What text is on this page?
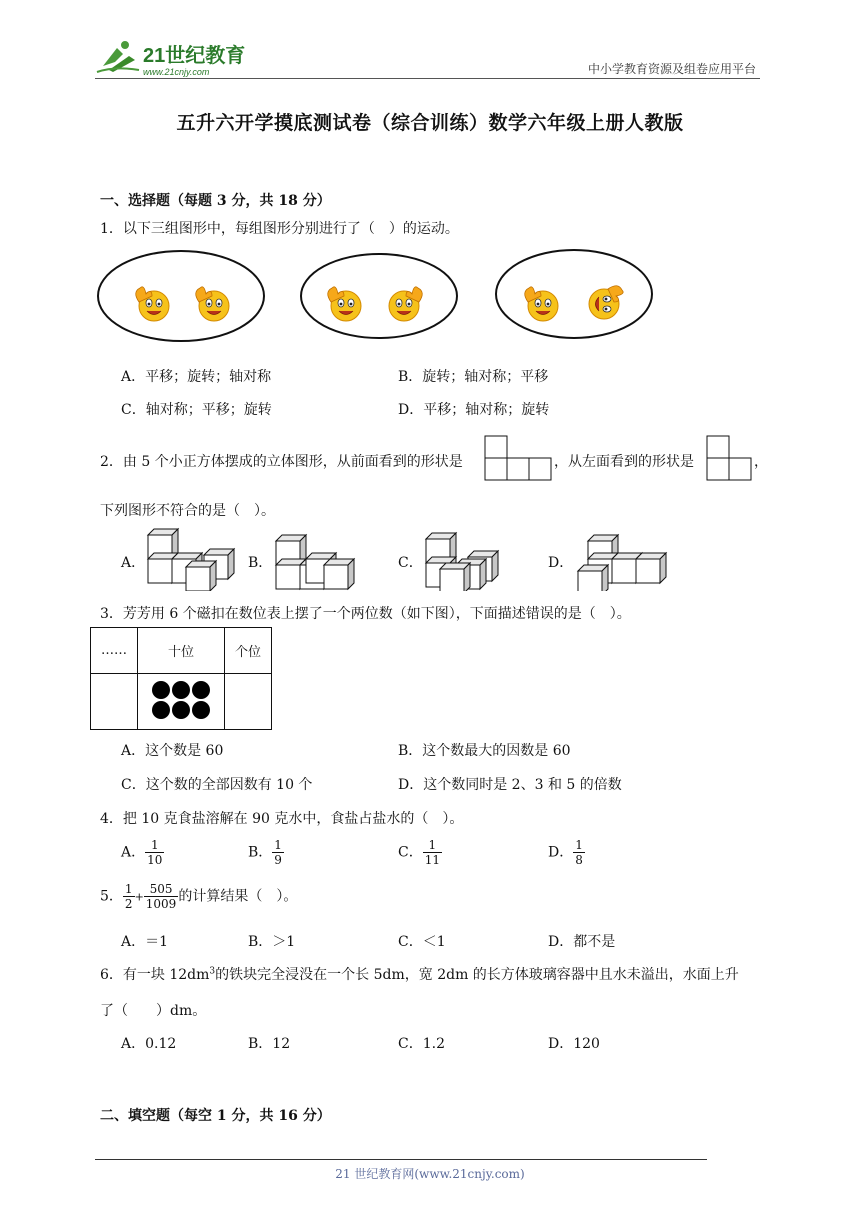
21世纪教育
www.21cnjy.com	中小学教育资源及组卷应用平台
五升六开学摸底测试卷（综合训练）数学六年级上册人教版
一、选择题（每题 3 分，共 18 分）
1．以下三组图形中，每组图形分别进行了（　）的运动。
A．平移；旋转；轴对称	B．旋转；轴对称；平移
C．轴对称；平移；旋转	D．平移；轴对称；旋转
2．由 5 个小正方体摆成的立体图形，从前面看到的形状是	，从左面看到的形状是	，
下列图形不符合的是（　）。
A．	B．	C．	D．
3．芳芳用 6 个磁扣在数位表上摆了一个两位数（如下图），下面描述错误的是（　）。
……	十位	个位

A．这个数是 60	B．这个数最大的因数是 60
C．这个数的全部因数有 10 个	D．这个数同时是 2、3 和 5 的倍数
4．把 10 克食盐溶解在 90 克水中，食盐占盐水的（　）。
A． $\frac{1}{10}$	B． $\frac{1}{9}$	C． $\frac{1}{11}$	D． $\frac{1}{8}$
5． $\frac{1}{2} + \frac{505}{1009}$ 的计算结果（　）。
A．＝1	B．＞1	C．＜1	D．都不是
6．有一块 $12dm^3$的铁块完全浸没在一个长 5dm，宽 2dm 的长方体玻璃容器中且水未溢出，水面上升
了（　　）dm。
A．0.12	B．12	C．1.2	D．120
二、填空题（每空 1 分，共 16 分）
21 世纪教育网(www.21cnjy.com)
